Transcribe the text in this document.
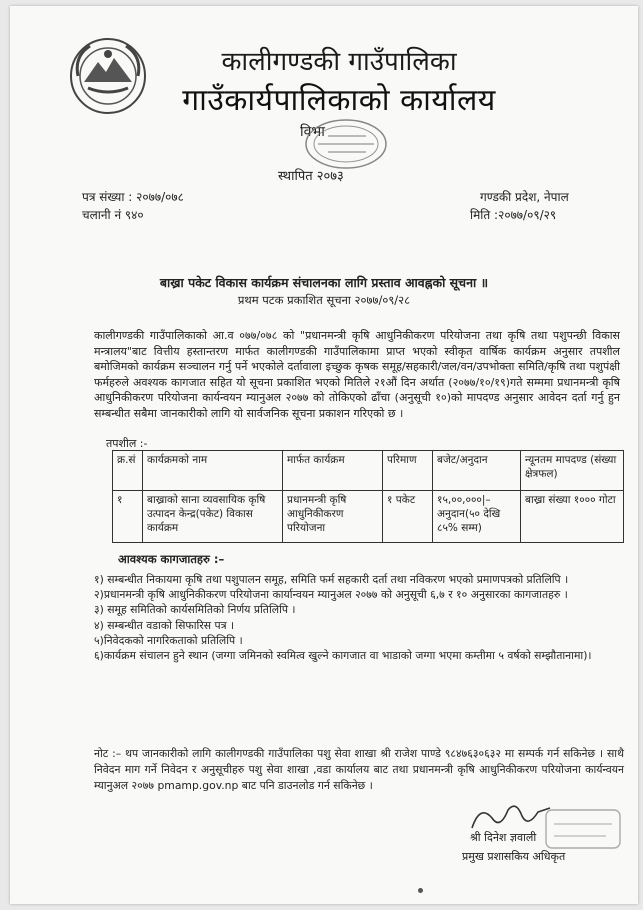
कालीगण्डकी गाउँपालिका
गाउँकार्यपालिकाको कार्यालय
विभा
स्थापित २०७३
पत्र संख्या : २०७७/०७८
चलानी नं ९४०
गण्डकी प्रदेश, नेपाल
मिति :२०७७/०९/२९
बाख्रा पकेट विकास कार्यक्रम संचालनका लागि प्रस्ताव आवह्नको सूचना ॥
प्रथम पटक प्रकाशित सूचना २०७७/०९/२८
कालीगण्डकी गाउँपालिकाको आ.व ०७७/०७८ को "प्रधानमन्त्री कृषि आधुनिकीकरण परियोजना तथा कृषि तथा पशुपन्छी विकास मन्त्रालय"बाट वित्तीय हस्तान्तरण मार्फत कालीगण्डकी गाउँपालिकामा प्राप्त भएको स्वीकृत वार्षिक कार्यक्रम अनुसार तपशील बमोजिमको कार्यक्रम सञ्चालन गर्नु पर्ने भएकोले दर्तावाला इच्छुक कृषक समूह/सहकारी/जल/वन/उपभोक्ता समिति/कृषि तथा पशुपंक्षी फर्महरुले अवश्यक कागजात सहित यो सूचना प्रकाशित भएको मितिले २१औं दिन अर्थात (२०७७/१०/१९)गते सम्ममा प्रधानमन्त्री कृषि आधुनिकीकरण परियोजना कार्यन्वयन म्यानुअल २०७७ को तोकिएको ढाँचा (अनुसूची १०)को मापदण्ड अनुसार आवेदन दर्ता गर्नु हुन सम्बन्धीत सबैमा जानकारीको लागि यो सार्वजनिक सूचना प्रकाशन गरिएको छ ।
तपशील :-
क्र.सं	कार्यक्रमको नाम	मार्फत कार्यक्रम	परिमाण	बजेट/अनुदान	न्यूनतम मापदण्ड (संख्या क्षेत्रफल)
१	बाख्राको साना व्यवसायिक कृषि उत्पादन केन्द्र(पकेट) विकास कार्यक्रम	प्रधानमन्त्री कृषि आधुनिकीकरण परियोजना	१ पकेट	१५,००,०००|– अनुदान(५० देखि ८५% सम्म)	बाख्रा संख्या १००० गोटा
आवश्यक कागजातहरु :–
१) सम्बन्धीत निकायमा कृषि तथा पशुपालन समूह, समिति फर्म सहकारी दर्ता तथा नविकरण भएको प्रमाणपत्रको प्रतिलिपि ।
२)प्रधानमन्त्री कृषि आधुनिकीकरण परियोजना कार्यान्वयन म्यानुअल २०७७ को अनुसूची ६,७ र १० अनुसारका कागजातहरु ।
३) समूह समितिको कार्यसमितिको निर्णय प्रतिलिपि ।
४) सम्बन्धीत वडाको सिफारिस पत्र ।
५)निवेदकको नागरिकताको प्रतिलिपि ।
६)कार्यक्रम संचालन हुने स्थान (जग्गा जमिनको स्वमित्व खुल्ने कागजात वा भाडाको जग्गा भएमा कम्तीमा ५ वर्षको सम्झौतानामा)।
नोट :– थप जानकारीको लागि कालीगण्डकी गाउँपालिका पशु सेवा शाखा श्री राजेश पाण्डे ९८४७६३०६३२ मा सम्पर्क गर्न सकिनेछ । साथै निवेदन माग गर्ने निवेदन र अनुसूचीहरु पशु सेवा शाखा ,वडा कार्यालय बाट तथा प्रधानमन्त्री कृषि आधुनिकीकरण परियोजना कार्यन्वयन म्यानुअल २०७७ pmamp.gov.np बाट पनि डाउनलोड गर्न सकिनेछ ।
श्री दिनेश ज्ञवाली
प्रमुख प्रशासकिय अधिकृत
